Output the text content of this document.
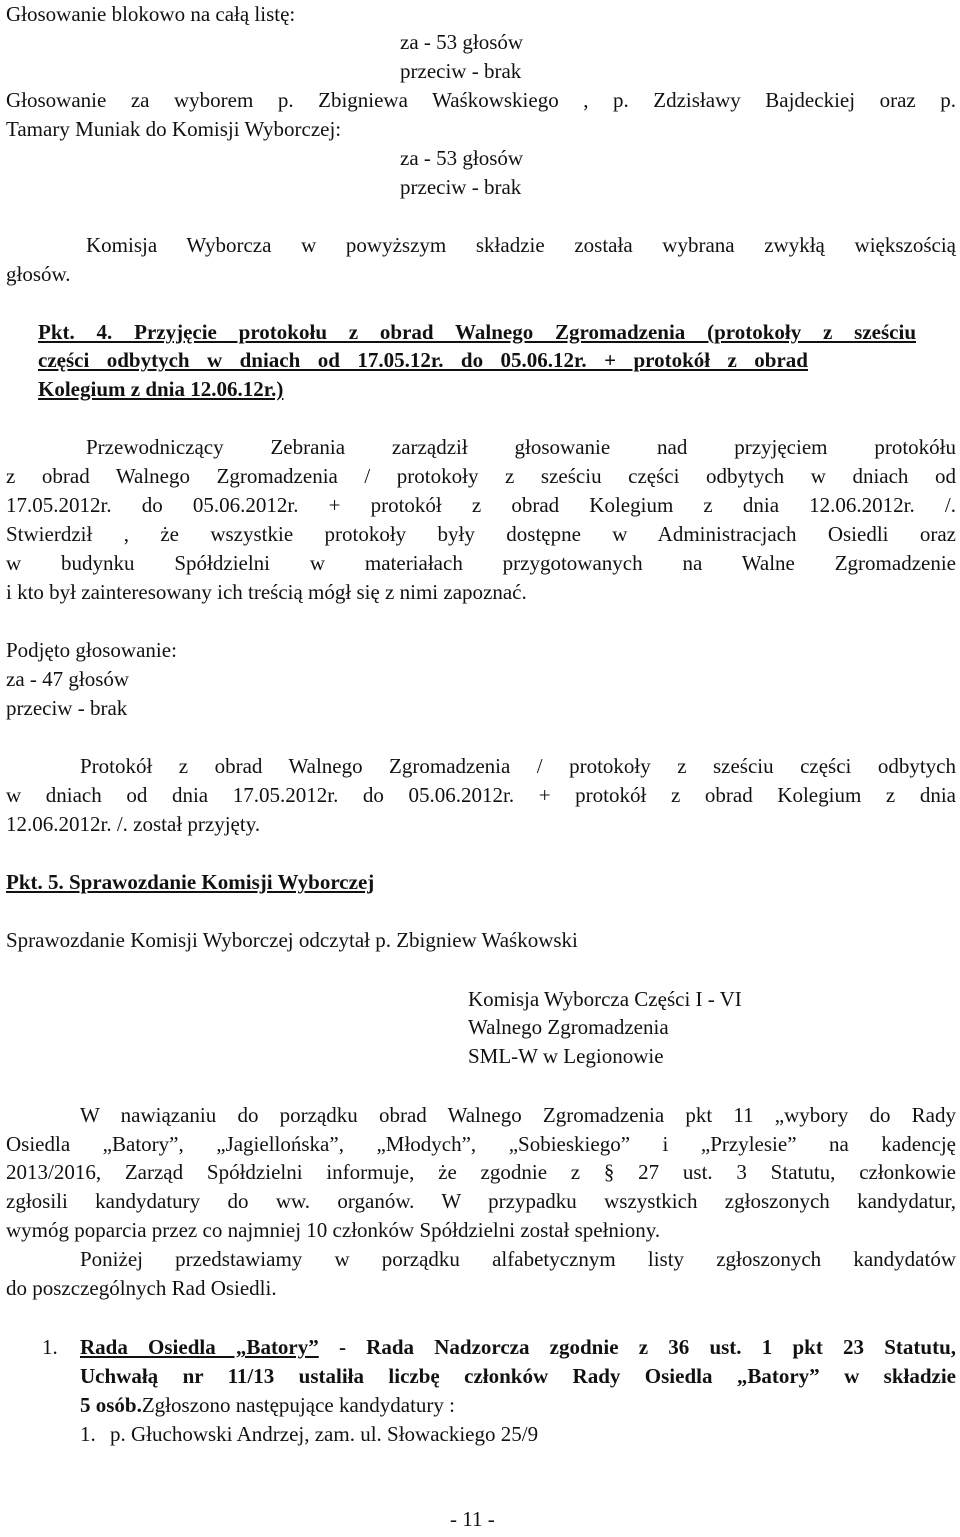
Głosowanie blokowo na całą listę:
za - 53 głosów
przeciw - brak
Głosowanie za wyborem p. Zbigniewa Waśkowskiego , p. Zdzisławy Bajdeckiej oraz p.
Tamary Muniak do Komisji Wyborczej:
za - 53 głosów
przeciw - brak
Komisja Wyborcza w powyższym składzie została wybrana zwykłą większością
głosów.
Pkt. 4. Przyjęcie protokołu z obrad Walnego Zgromadzenia (protokoły z sześciu
części odbytych w dniach od 17.05.12r. do 05.06.12r. + protokół z obrad
Kolegium z dnia 12.06.12r.)
Przewodniczący Zebrania zarządził głosowanie nad przyjęciem protokółu
z obrad Walnego Zgromadzenia / protokoły z sześciu części odbytych w dniach od
17.05.2012r. do 05.06.2012r. + protokół z obrad Kolegium z dnia 12.06.2012r. /.
Stwierdził , że wszystkie protokoły były dostępne w Administracjach Osiedli oraz
w budynku Spółdzielni w materiałach przygotowanych na Walne Zgromadzenie
i kto był zainteresowany ich treścią mógł się z nimi zapoznać.
Podjęto głosowanie:
za - 47 głosów
przeciw - brak
Protokół z obrad Walnego Zgromadzenia / protokoły z sześciu części odbytych
w dniach od dnia 17.05.2012r. do 05.06.2012r. + protokół z obrad Kolegium z dnia
12.06.2012r. /. został przyjęty.
Pkt. 5. Sprawozdanie Komisji Wyborczej
Sprawozdanie Komisji Wyborczej odczytał p. Zbigniew Waśkowski
Komisja Wyborcza Części I - VI
Walnego Zgromadzenia
SML-W w Legionowie
W nawiązaniu do porządku obrad Walnego Zgromadzenia pkt 11 „wybory do Rady
Osiedla „Batory”, „Jagiellońska”, „Młodych”, „Sobieskiego” i „Przylesie” na kadencję
2013/2016, Zarząd Spółdzielni informuje, że zgodnie z § 27 ust. 3 Statutu, członkowie
zgłosili kandydatury do ww. organów. W przypadku wszystkich zgłoszonych kandydatur,
wymóg poparcia przez co najmniej 10 członków Spółdzielni został spełniony.
Poniżej przedstawiamy w porządku alfabetycznym listy zgłoszonych kandydatów
do poszczególnych Rad Osiedli.
1. Rada Osiedla „Batory” - Rada Nadzorcza zgodnie z 36 ust. 1 pkt 23 Statutu,
Uchwałą nr 11/13 ustaliła liczbę członków Rady Osiedla „Batory” w składzie
5 osób.Zgłoszono następujące kandydatury :
1. p. Głuchowski Andrzej, zam. ul. Słowackiego 25/9
- 11 -
